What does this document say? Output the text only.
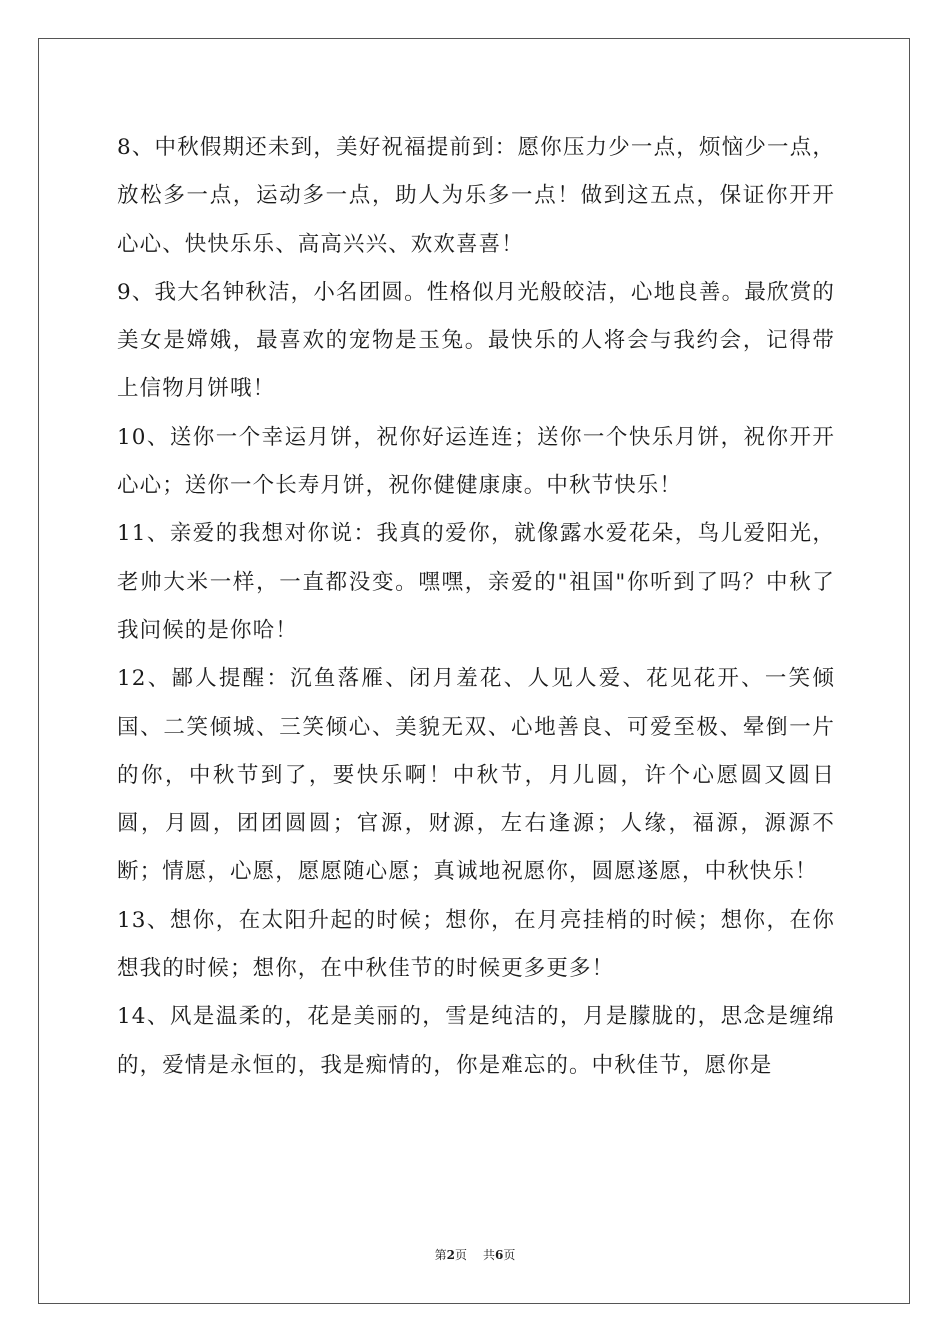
8、中秋假期还未到，美好祝福提前到：愿你压力少一点，烦恼少一点，放松多一点，运动多一点，助人为乐多一点！做到这五点，保证你开开心心、快快乐乐、高高兴兴、欢欢喜喜！

9、我大名钟秋洁，小名团圆。性格似月光般皎洁，心地良善。最欣赏的美女是嫦娥，最喜欢的宠物是玉兔。最快乐的人将会与我约会，记得带上信物月饼哦！

10、送你一个幸运月饼，祝你好运连连；送你一个快乐月饼，祝你开开心心；送你一个长寿月饼，祝你健健康康。中秋节快乐！

11、亲爱的我想对你说：我真的爱你，就像露水爱花朵，鸟儿爱阳光，老帅大米一样，一直都没变。嘿嘿，亲爱的"祖国"你听到了吗？中秋了我问候的是你哈！

12、鄙人提醒：沉鱼落雁、闭月羞花、人见人爱、花见花开、一笑倾国、二笑倾城、三笑倾心、美貌无双、心地善良、可爱至极、晕倒一片的你，中秋节到了，要快乐啊！中秋节，月儿圆，许个心愿圆又圆日圆，月圆，团团圆圆；官源，财源，左右逢源；人缘，福源，源源不断；情愿，心愿，愿愿随心愿；真诚地祝愿你，圆愿遂愿，中秋快乐！

13、想你，在太阳升起的时候；想你，在月亮挂梢的时候；想你，在你想我的时候；想你，在中秋佳节的时候更多更多！

14、风是温柔的，花是美丽的，雪是纯洁的，月是朦胧的，思念是缠绵的，爱情是永恒的，我是痴情的，你是难忘的。中秋佳节，愿你是

第2页 共6页
